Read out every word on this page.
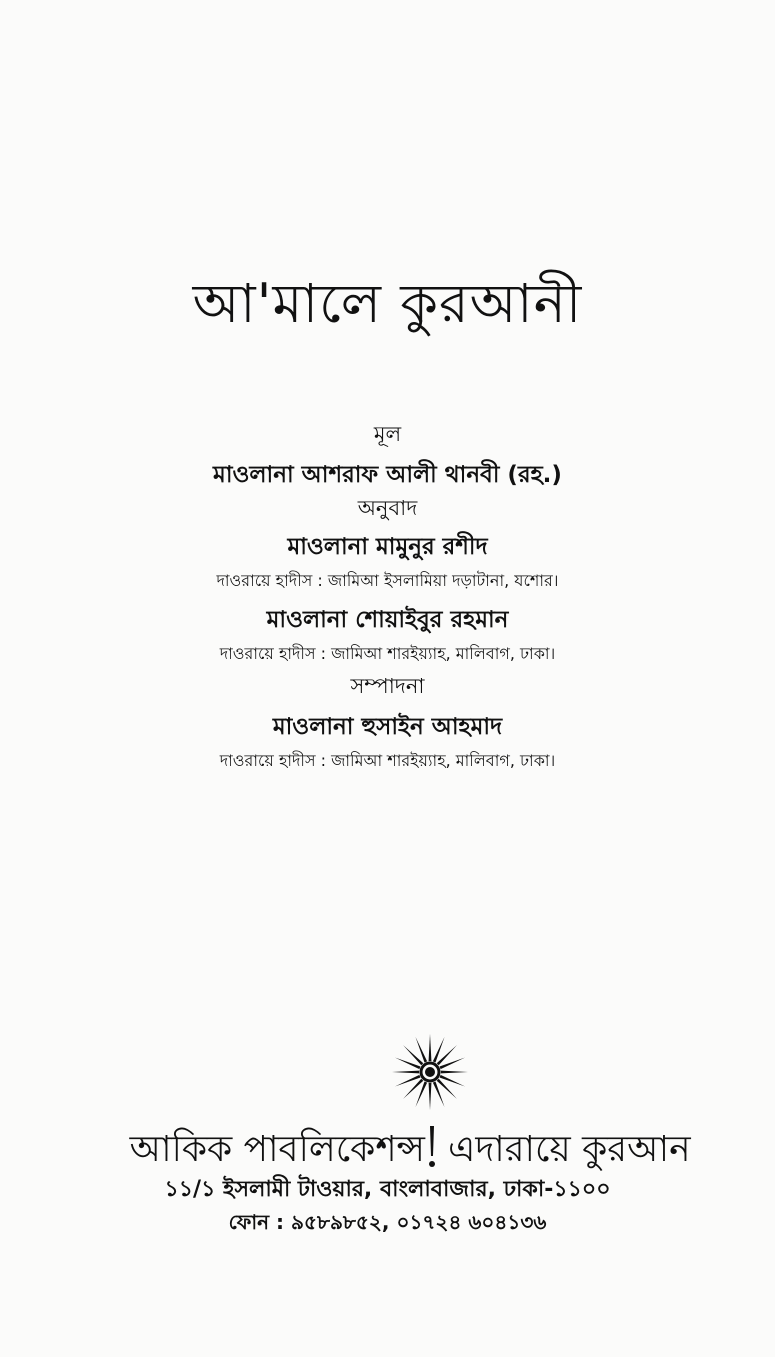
আ'মালে কুরআনী
মূল
মাওলানা আশরাফ আলী থানবী (রহ.)
অনুবাদ
মাওলানা মামুনুর রশীদ
দাওরায়ে হাদীস : জামিআ ইসলামিয়া দড়াটানা, যশোর।
মাওলানা শোয়াইবুর রহমান
দাওরায়ে হাদীস : জামিআ শারইয়্যাহ, মালিবাগ, ঢাকা।
সম্পাদনা
মাওলানা হুসাইন আহমাদ
দাওরায়ে হাদীস : জামিআ শারইয়্যাহ, মালিবাগ, ঢাকা।
আকিক পাবলিকেশন্স এদারায়ে কুরআন
১১/১ ইসলামী টাওয়ার, বাংলাবাজার, ঢাকা-১১০০
ফোন : ৯৫৮৯৮৫২, ০১৭২৪ ৬০৪১৩৬
